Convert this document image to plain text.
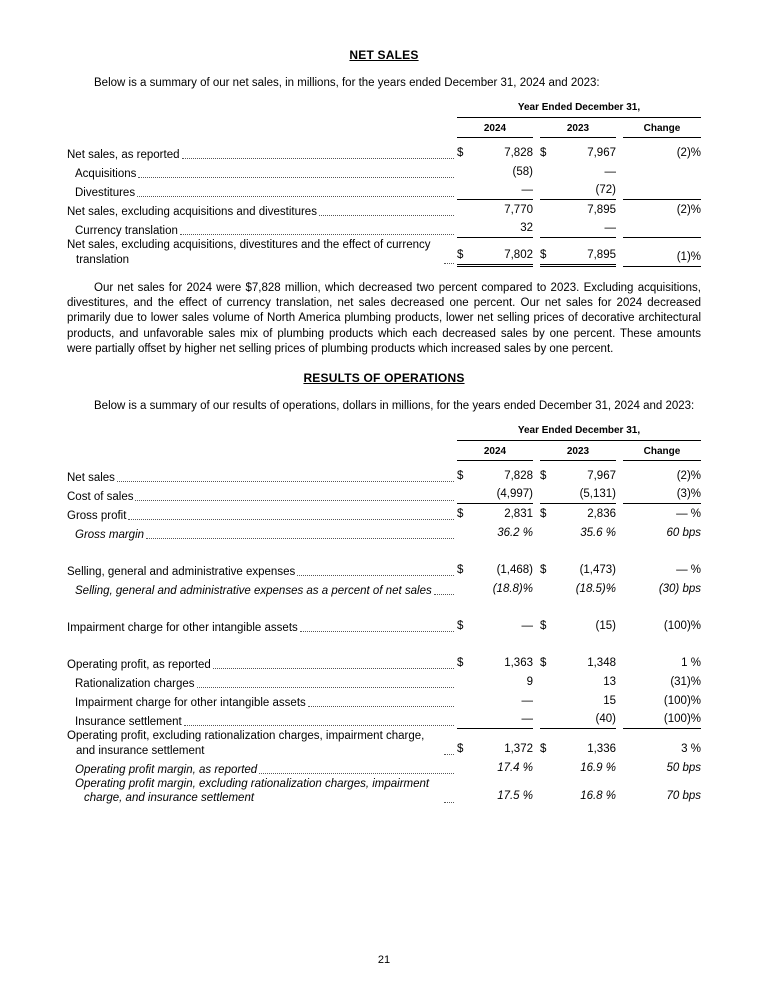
NET SALES

Below is a summary of our net sales, in millions, for the years ended December 31, 2024 and 2023:

Year Ended December 31,
2024	2023	Change
Net sales, as reported	$	7,828 $	7,967	(2)%
Acquisitions	(58)	—
Divestitures	—	(72)
Net sales, excluding acquisitions and divestitures	7,770	7,895	(2)%
Currency translation	32	—
Net sales, excluding acquisitions, divestitures and the effect of currency translation	$	7,802 $	7,895	(1)%

Our net sales for 2024 were $7,828 million, which decreased two percent compared to 2023. Excluding acquisitions, divestitures, and the effect of currency translation, net sales decreased one percent. Our net sales for 2024 decreased primarily due to lower sales volume of North America plumbing products, lower net selling prices of decorative architectural products, and unfavorable sales mix of plumbing products which each decreased sales by one percent. These amounts were partially offset by higher net selling prices of plumbing products which increased sales by one percent.

RESULTS OF OPERATIONS

Below is a summary of our results of operations, dollars in millions, for the years ended December 31, 2024 and 2023:

Year Ended December 31,
2024	2023	Change
Net sales	$	7,828 $	7,967	(2)%
Cost of sales	(4,997)	(5,131)	(3)%
Gross profit	$	2,831 $	2,836	— %
Gross margin	36.2 %	35.6 %	60 bps
Selling, general and administrative expenses	$	(1,468) $	(1,473)	— %
Selling, general and administrative expenses as a percent of net sales	(18.8)%	(18.5)%	(30) bps
Impairment charge for other intangible assets	$	— $	(15)	(100)%
Operating profit, as reported	$	1,363 $	1,348	1 %
Rationalization charges	9	13	(31)%
Impairment charge for other intangible assets	—	15	(100)%
Insurance settlement	—	(40)	(100)%
Operating profit, excluding rationalization charges, impairment charge, and insurance settlement	$	1,372 $	1,336	3 %
Operating profit margin, as reported	17.4 %	16.9 %	50 bps
Operating profit margin, excluding rationalization charges, impairment charge, and insurance settlement	17.5 %	16.8 %	70 bps
21
